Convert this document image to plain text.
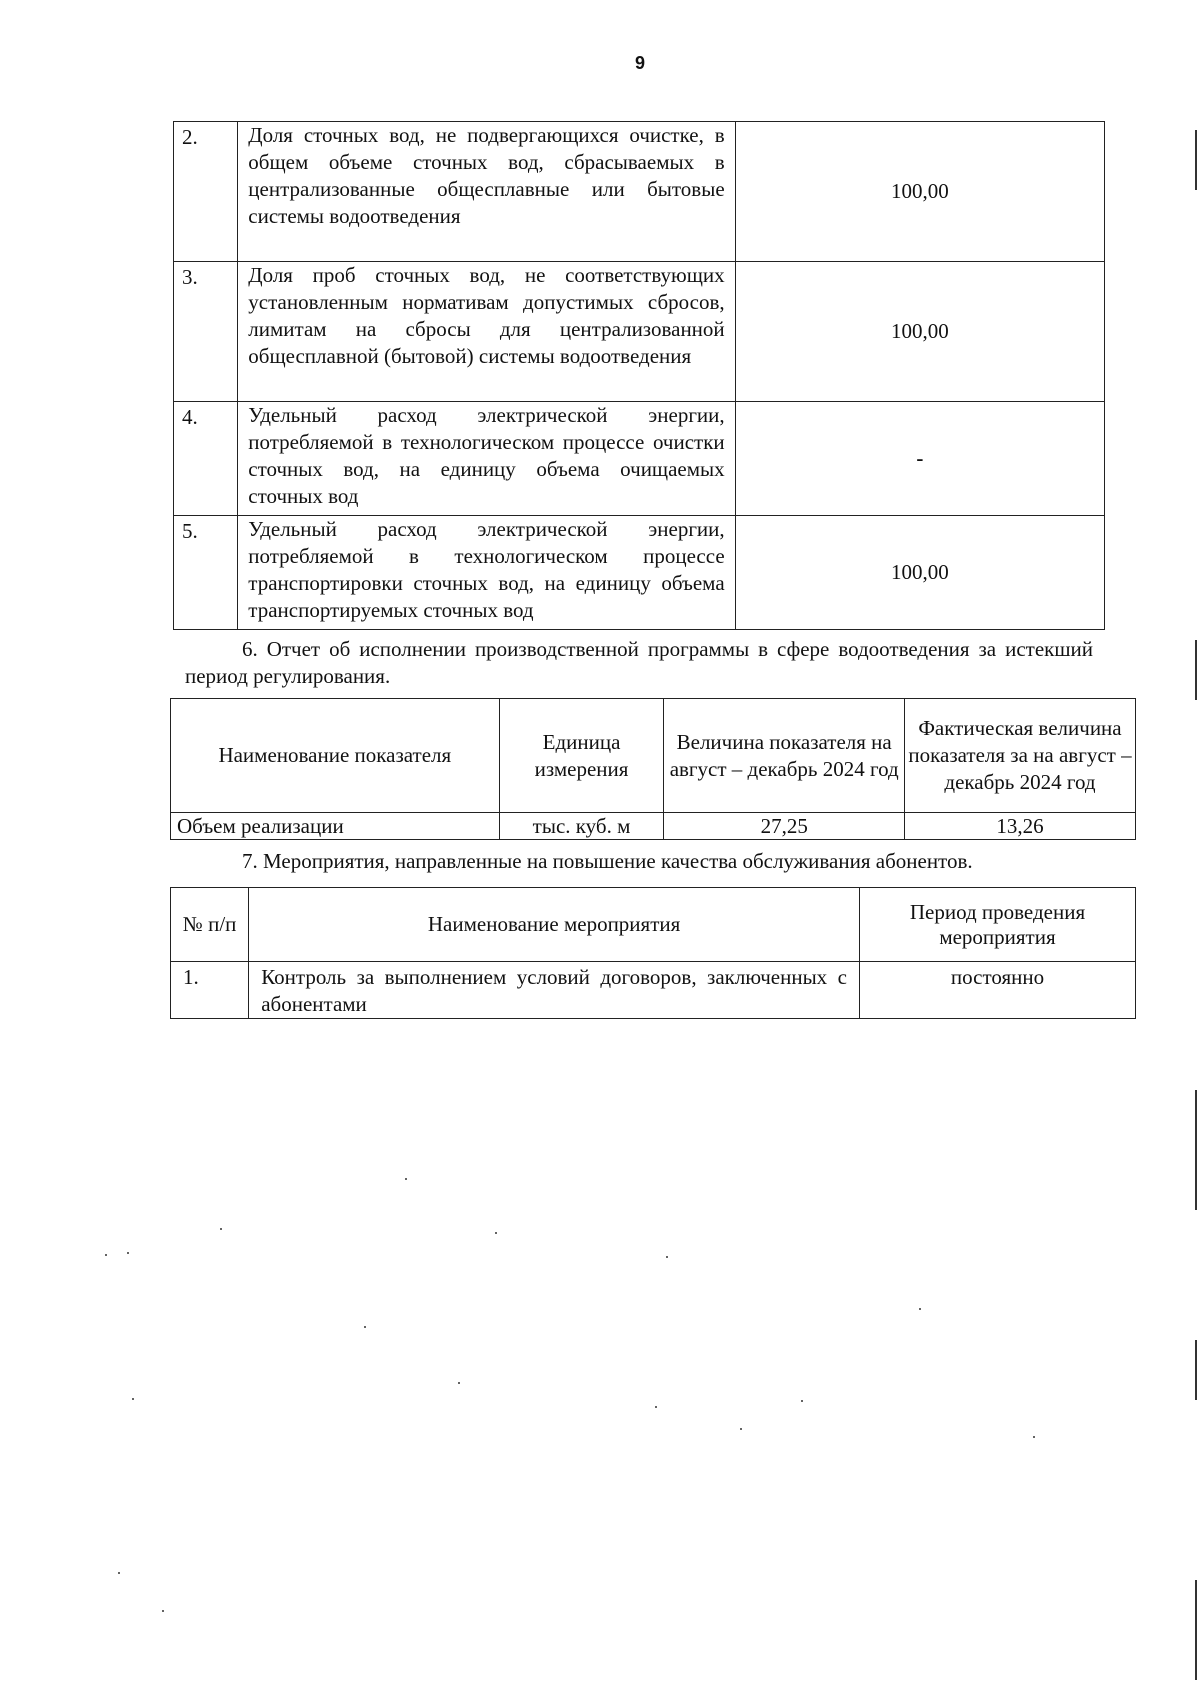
9
2.	Доля сточных вод, не подвергающихся очистке, в общем объеме сточных вод, сбрасываемых в централизованные общесплавные или бытовые системы водоотведения	100,00
3.	Доля проб сточных вод, не соответствующих установленным нормативам допустимых сбросов, лимитам на сбросы для централизованной общесплавной (бытовой) системы водоотведения	100,00
4.	Удельный расход электрической энергии, потребляемой в технологическом процессе очистки сточных вод, на единицу объема очищаемых сточных вод	-
5.	Удельный расход электрической энергии, потребляемой в технологическом процессе транспортировки сточных вод, на единицу объема транспортируемых сточных вод	100,00
6. Отчет об исполнении производственной программы в сфере водоотведения за истекший период регулирования.
Наименование показателя	Единица измерения	Величина показателя на август – декабрь 2024 год	Фактическая величина показателя за на август – декабрь 2024 год
Объем реализации	тыс. куб. м	27,25	13,26
7. Мероприятия, направленные на повышение качества обслуживания абонентов.
№ п/п	Наименование мероприятия	Период проведения мероприятия
1.	Контроль за выполнением условий договоров, заключенных с абонентами	постоянно
